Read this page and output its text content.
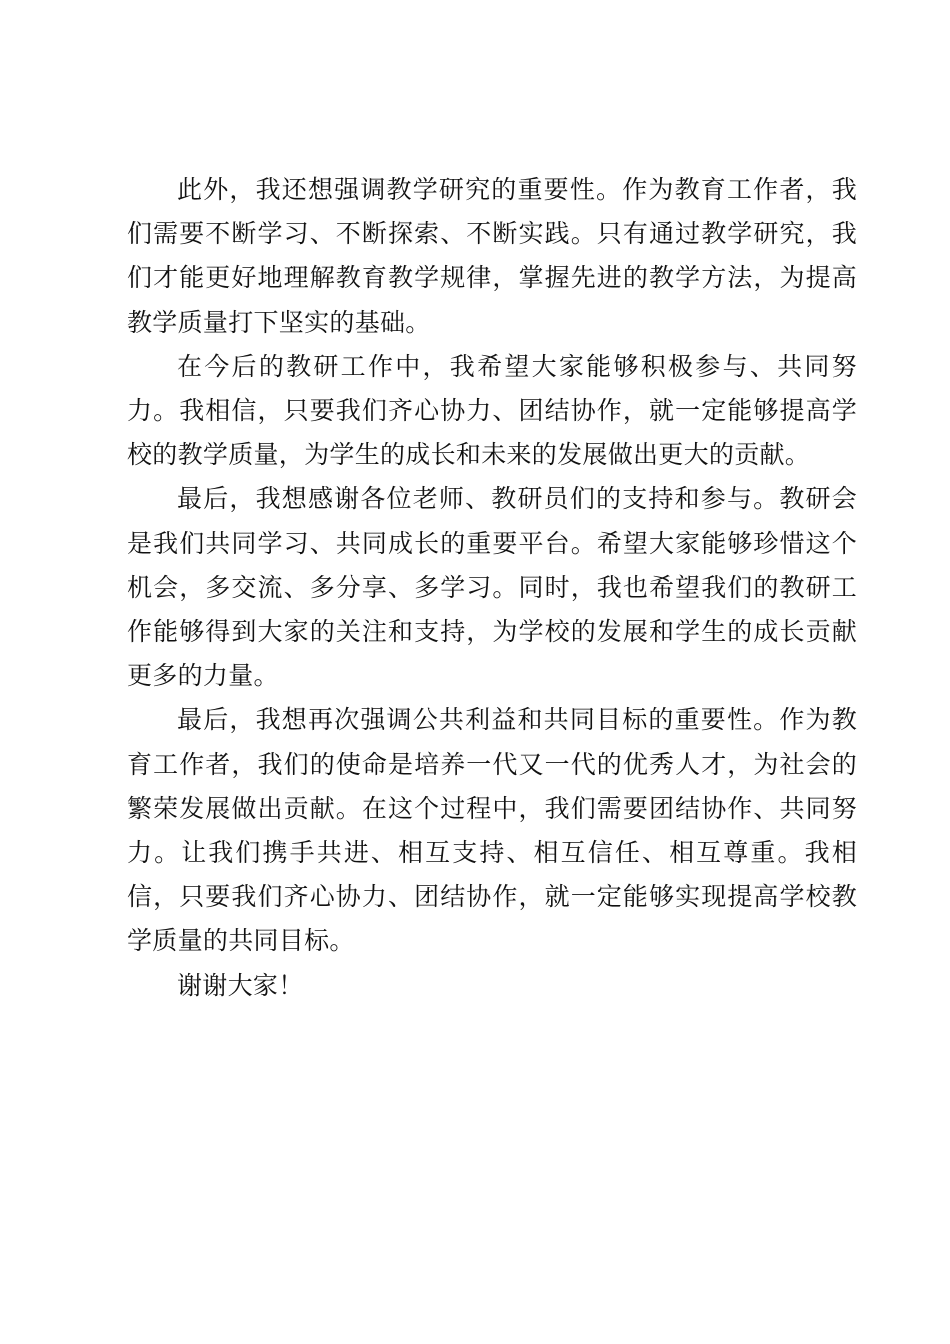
此外，我还想强调教学研究的重要性。作为教育工作者，我们需要不断学习、不断探索、不断实践。只有通过教学研究，我们才能更好地理解教育教学规律，掌握先进的教学方法，为提高教学质量打下坚实的基础。

在今后的教研工作中，我希望大家能够积极参与、共同努力。我相信，只要我们齐心协力、团结协作，就一定能够提高学校的教学质量，为学生的成长和未来的发展做出更大的贡献。

最后，我想感谢各位老师、教研员们的支持和参与。教研会是我们共同学习、共同成长的重要平台。希望大家能够珍惜这个机会，多交流、多分享、多学习。同时，我也希望我们的教研工作能够得到大家的关注和支持，为学校的发展和学生的成长贡献更多的力量。

最后，我想再次强调公共利益和共同目标的重要性。作为教育工作者，我们的使命是培养一代又一代的优秀人才，为社会的繁荣发展做出贡献。在这个过程中，我们需要团结协作、共同努力。让我们携手共进、相互支持、相互信任、相互尊重。我相信，只要我们齐心协力、团结协作，就一定能够实现提高学校教学质量的共同目标。

谢谢大家！
